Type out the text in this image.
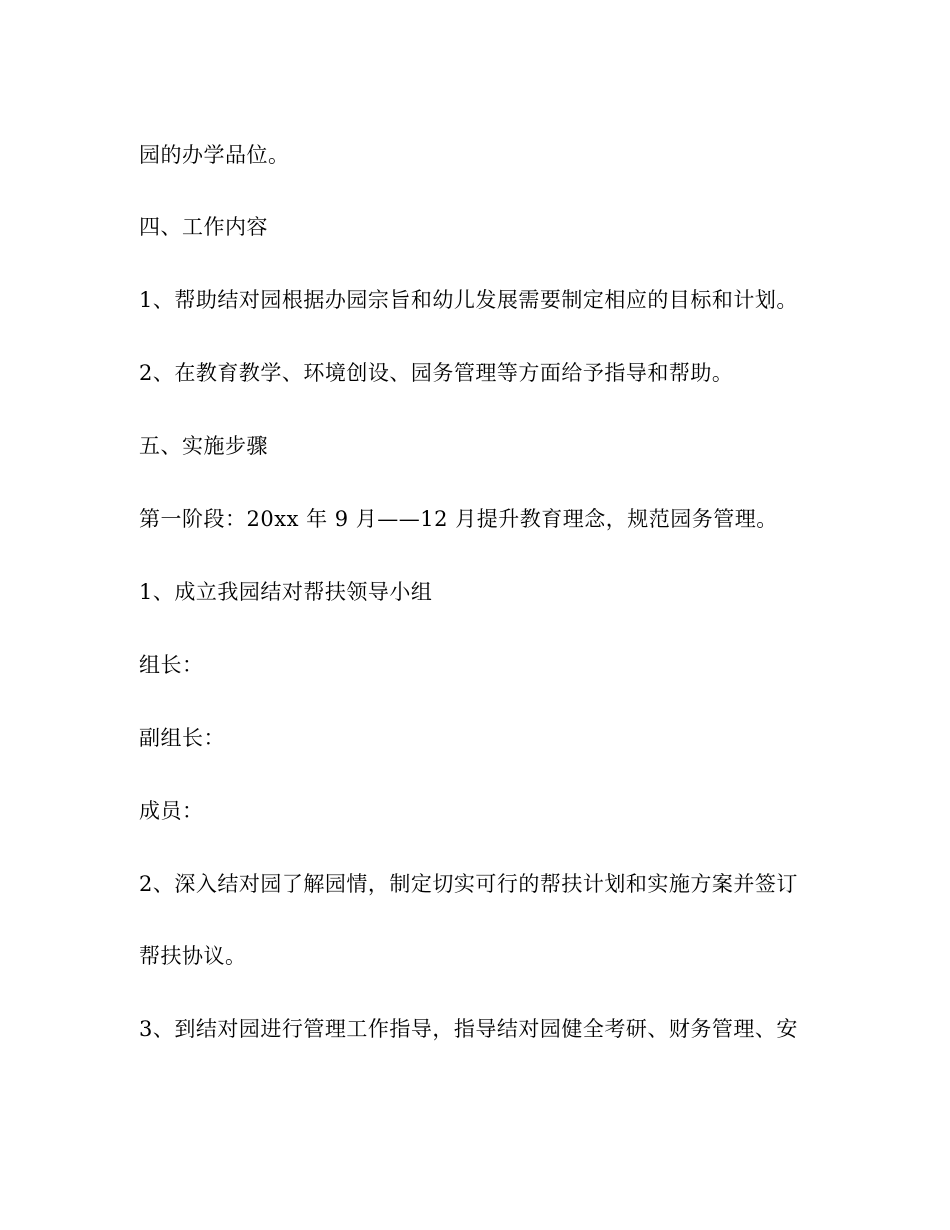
园的办学品位。

四、工作内容

1、帮助结对园根据办园宗旨和幼儿发展需要制定相应的目标和计划。

2、在教育教学、环境创设、园务管理等方面给予指导和帮助。

五、实施步骤

第一阶段：20xx 年 9 月——12 月提升教育理念，规范园务管理。

1、成立我园结对帮扶领导小组

组长：

副组长：

成员：

2、深入结对园了解园情，制定切实可行的帮扶计划和实施方案并签订

帮扶协议。

3、到结对园进行管理工作指导，指导结对园健全考研、财务管理、安
